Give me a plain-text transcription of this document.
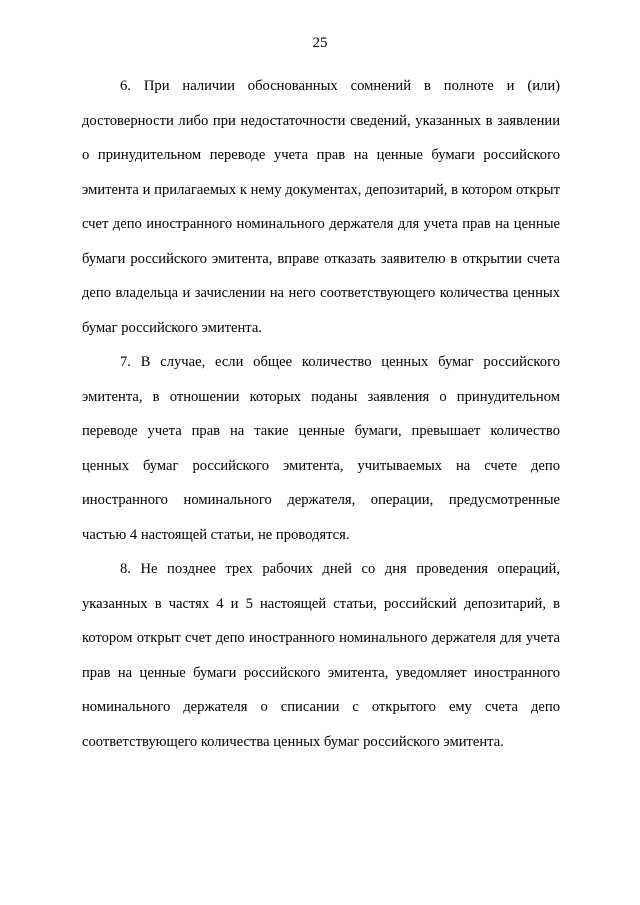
25

6. При наличии обоснованных сомнений в полноте и (или) достоверности либо при недостаточности сведений, указанных в заявлении о принудительном переводе учета прав на ценные бумаги российского эмитента и прилагаемых к нему документах, депозитарий, в котором открыт счет депо иностранного номинального держателя для учета прав на ценные бумаги российского эмитента, вправе отказать заявителю в открытии счета депо владельца и зачислении на него соответствующего количества ценных бумаг российского эмитента.

7. В случае, если общее количество ценных бумаг российского эмитента, в отношении которых поданы заявления о принудительном переводе учета прав на такие ценные бумаги, превышает количество ценных бумаг российского эмитента, учитываемых на счете депо иностранного номинального держателя, операции, предусмотренные частью 4 настоящей статьи, не проводятся.

8. Не позднее трех рабочих дней со дня проведения операций, указанных в частях 4 и 5 настоящей статьи, российский депозитарий, в котором открыт счет депо иностранного номинального держателя для учета прав на ценные бумаги российского эмитента, уведомляет иностранного номинального держателя о списании с открытого ему счета депо соответствующего количества ценных бумаг российского эмитента.
